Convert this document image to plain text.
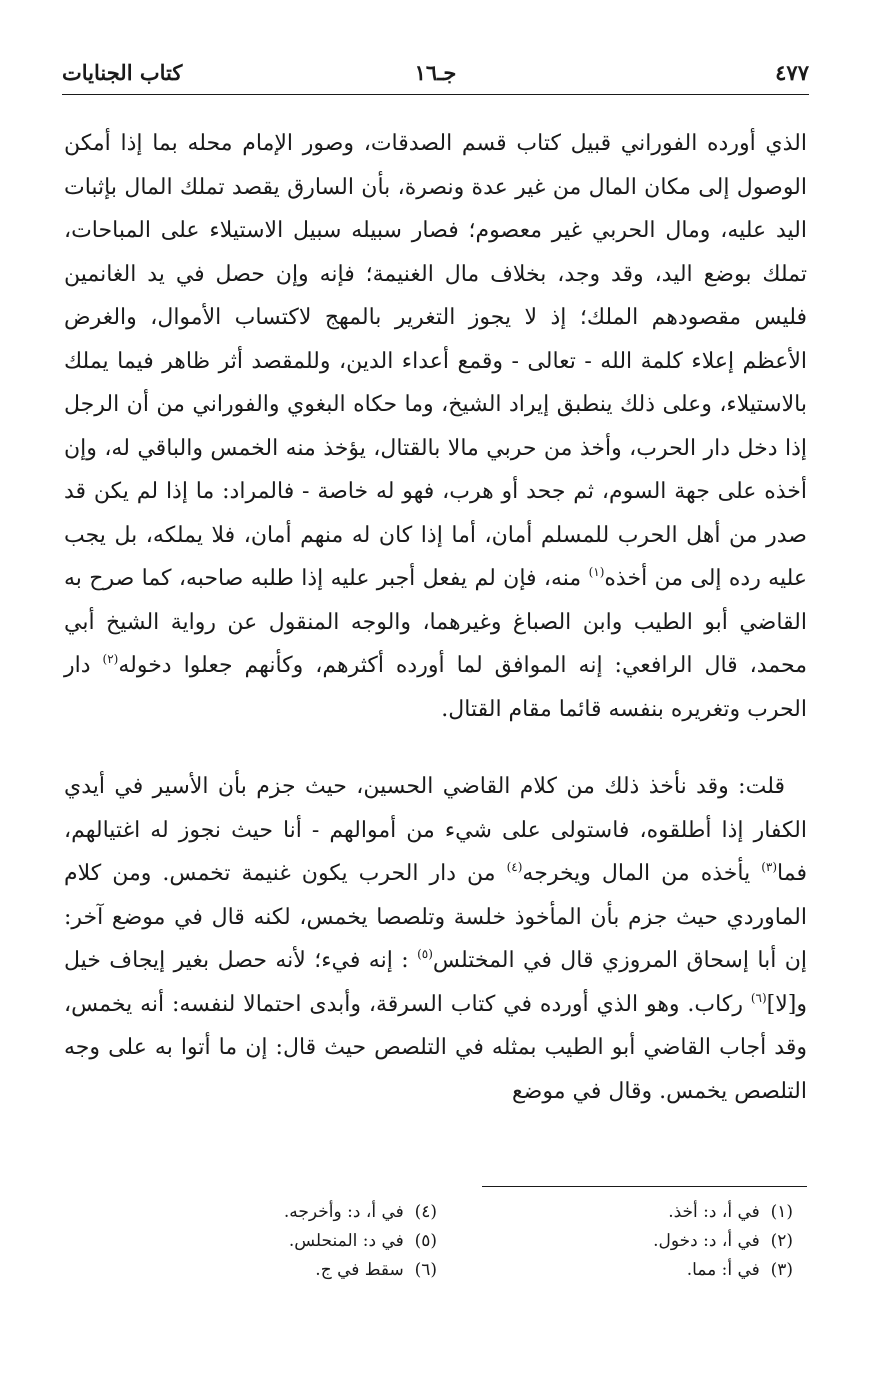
٤٧٧
جـ١٦
كتاب الجنايات

الذي أورده الفوراني قبيل كتاب قسم الصدقات، وصور الإمام محله بما إذا أمكن الوصول إلى مكان المال من غير عدة ونصرة، بأن السارق يقصد تملك المال بإثبات اليد عليه، ومال الحربي غير معصوم؛ فصار سبيله سبيل الاستيلاء على المباحات، تملك بوضع اليد، وقد وجد، بخلاف مال الغنيمة؛ فإنه وإن حصل في يد الغانمين فليس مقصودهم الملك؛ إذ لا يجوز التغرير بالمهج لاكتساب الأموال، والغرض الأعظم إعلاء كلمة الله - تعالى - وقمع أعداء الدين، وللمقصد أثر ظاهر فيما يملك بالاستيلاء، وعلى ذلك ينطبق إيراد الشيخ، وما حكاه البغوي والفوراني من أن الرجل إذا دخل دار الحرب، وأخذ من حربي مالا بالقتال، يؤخذ منه الخمس والباقي له، وإن أخذه على جهة السوم، ثم جحد أو هرب، فهو له خاصة - فالمراد: ما إذا لم يكن قد صدر من أهل الحرب للمسلم أمان، أما إذا كان له منهم أمان، فلا يملكه، بل يجب عليه رده إلى من أخذه$^{(١)}$ منه، فإن لم يفعل أجبر عليه إذا طلبه صاحبه، كما صرح به القاضي أبو الطيب وابن الصباغ وغيرهما، والوجه المنقول عن رواية الشيخ أبي محمد، قال الرافعي: إنه الموافق لما أورده أكثرهم، وكأنهم جعلوا دخوله$^{(٢)}$ دار الحرب وتغريره بنفسه قائما مقام القتال.

قلت: وقد نأخذ ذلك من كلام القاضي الحسين، حيث جزم بأن الأسير في أيدي الكفار إذا أطلقوه، فاستولى على شيء من أموالهم - أنا حيث نجوز له اغتيالهم، فما$^{(٣)}$ يأخذه من المال ويخرجه$^{(٤)}$ من دار الحرب يكون غنيمة تخمس. ومن كلام الماوردي حيث جزم بأن المأخوذ خلسة وتلصصا يخمس، لكنه قال في موضع آخر: إن أبا إسحاق المروزي قال في المختلس$^{(٥)}$ : إنه فيء؛ لأنه حصل بغير إيجاف خيل و[لا]$^{(٦)}$ ركاب. وهو الذي أورده في كتاب السرقة، وأبدى احتمالا لنفسه: أنه يخمس، وقد أجاب القاضي أبو الطيب بمثله في التلصص حيث قال: إن ما أتوا به على وجه التلصص يخمس. وقال في موضع

(١)  في أ، د: أخذ.
(٢)  في أ، د: دخول.
(٣)  في أ: مما.
(٤)  في أ، د: وأخرجه.
(٥)  في د: المنحلس.
(٦)  سقط في ج.
